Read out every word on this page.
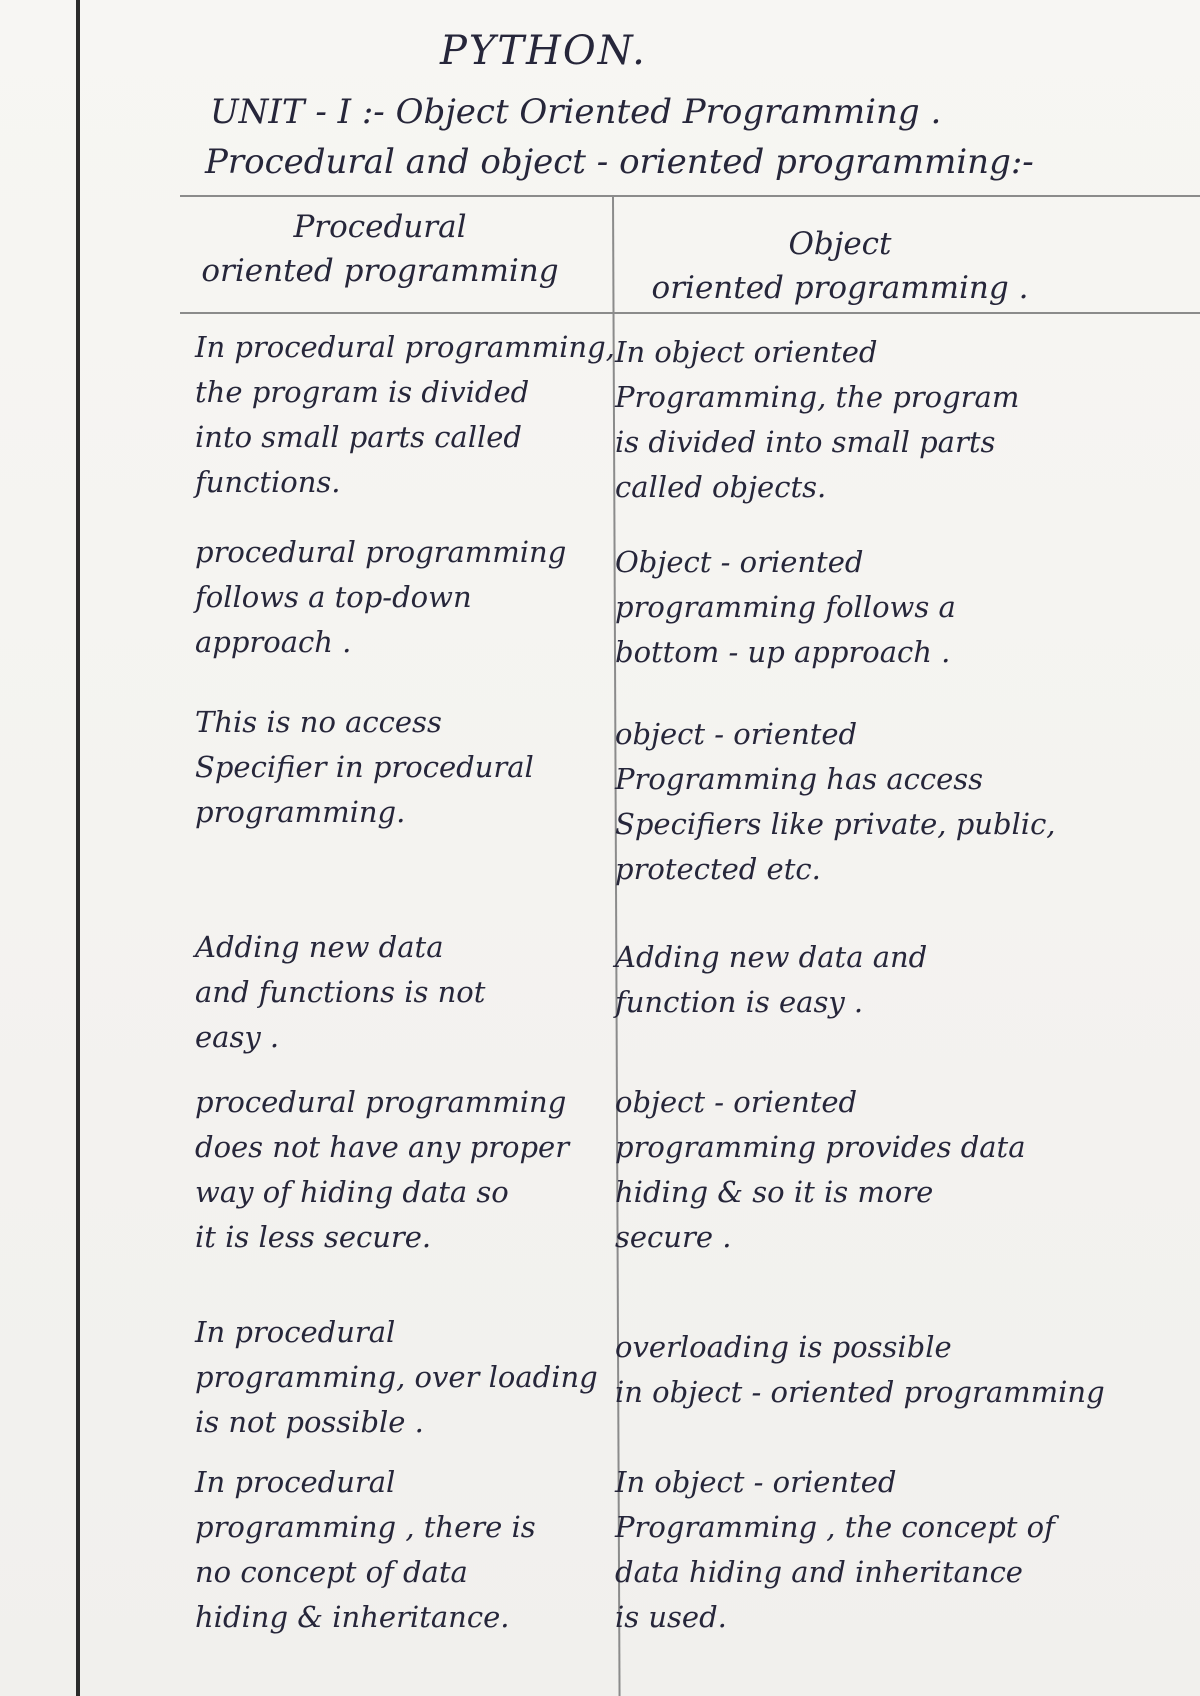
PYTHON.
UNIT - I :- Object Oriented Programming .
Procedural and object - oriented programming:-
Procedural
oriented programming
Object
oriented programming .
In procedural programming,
the program is divided
into small parts called
functions.
In object oriented
Programming, the program
is divided into small parts
called objects.
procedural programming
follows a top-down
approach .
Object - oriented
programming follows a
bottom - up approach .
This is no access
Specifier in procedural
programming.
object - oriented
Programming has access
Specifiers like private, public,
protected etc.
Adding new data
and functions is not
easy .
Adding new data and
function is easy .
procedural programming
does not have any proper
way of hiding data so
it is less secure.
object - oriented
programming provides data
hiding & so it is more
secure .
In procedural
programming, over loading
is not possible .
overloading is possible
in object - oriented programming
In procedural
programming , there is
no concept of data
hiding & inheritance.
In object - oriented
Programming , the concept of
data hiding and inheritance
is used.
